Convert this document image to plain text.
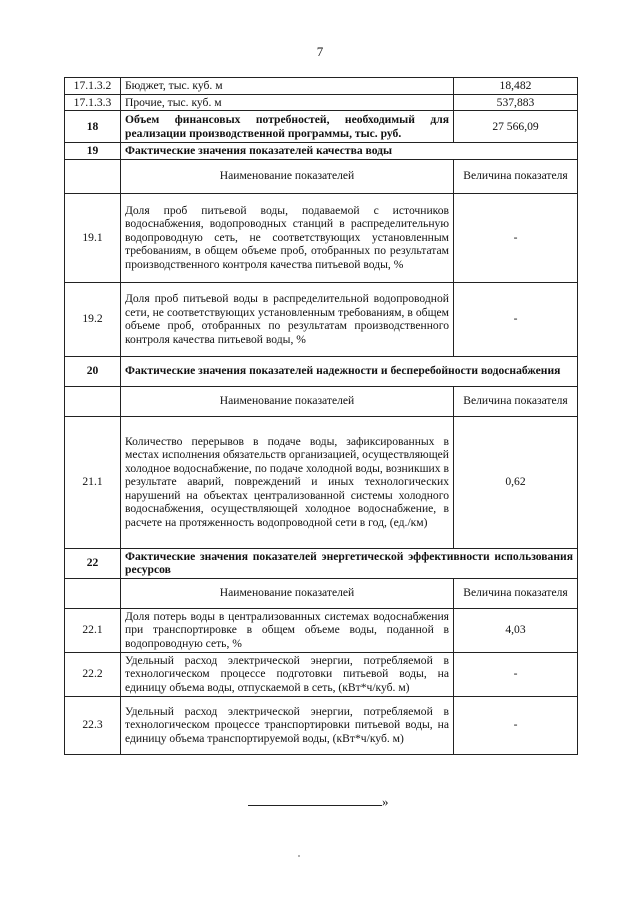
7
17.1.3.2	Бюджет, тыс. куб. м	18,482
17.1.3.3	Прочие, тыс. куб. м	537,883
18	Объем финансовых потребностей, необходимый для реализации производственной программы, тыс. руб.	27 566,09
19	Фактические значения показателей качества воды	
	Наименование показателей	Величина показателя
19.1	Доля проб питьевой воды, подаваемой с источников водоснабжения, водопроводных станций в распределительную водопроводную сеть, не соответствующих установленным требованиям, в общем объеме проб, отобранных по результатам производственного контроля качества питьевой воды, %	-
19.2	Доля проб питьевой воды в распределительной водопроводной сети, не соответствующих установленным требованиям, в общем объеме проб, отобранных по результатам производственного контроля качества питьевой воды, %	-
20	Фактические значения показателей надежности и бесперебойности водоснабжения	
	Наименование показателей	Величина показателя
21.1	Количество перерывов в подаче воды, зафиксированных в местах исполнения обязательств организацией, осуществляющей холодное водоснабжение, по подаче холодной воды, возникших в результате аварий, повреждений и иных технологических нарушений на объектах централизованной системы холодного водоснабжения, осуществляющей холодное водоснабжение, в расчете на протяженность водопроводной сети в год, (ед./км)	0,62
22	Фактические значения показателей энергетической эффективности использования ресурсов	
	Наименование показателей	Величина показателя
22.1	Доля потерь воды в централизованных системах водоснабжения при транспортировке в общем объеме воды, поданной в водопроводную сеть, %	4,03
22.2	Удельный расход электрической энергии, потребляемой в технологическом процессе подготовки питьевой воды, на единицу объема воды, отпускаемой в сеть, (кВт*ч/куб. м)	-
22.3	Удельный расход электрической энергии, потребляемой в технологическом процессе транспортировки питьевой воды, на единицу объема транспортируемой воды, (кВт*ч/куб. м)	-
»
